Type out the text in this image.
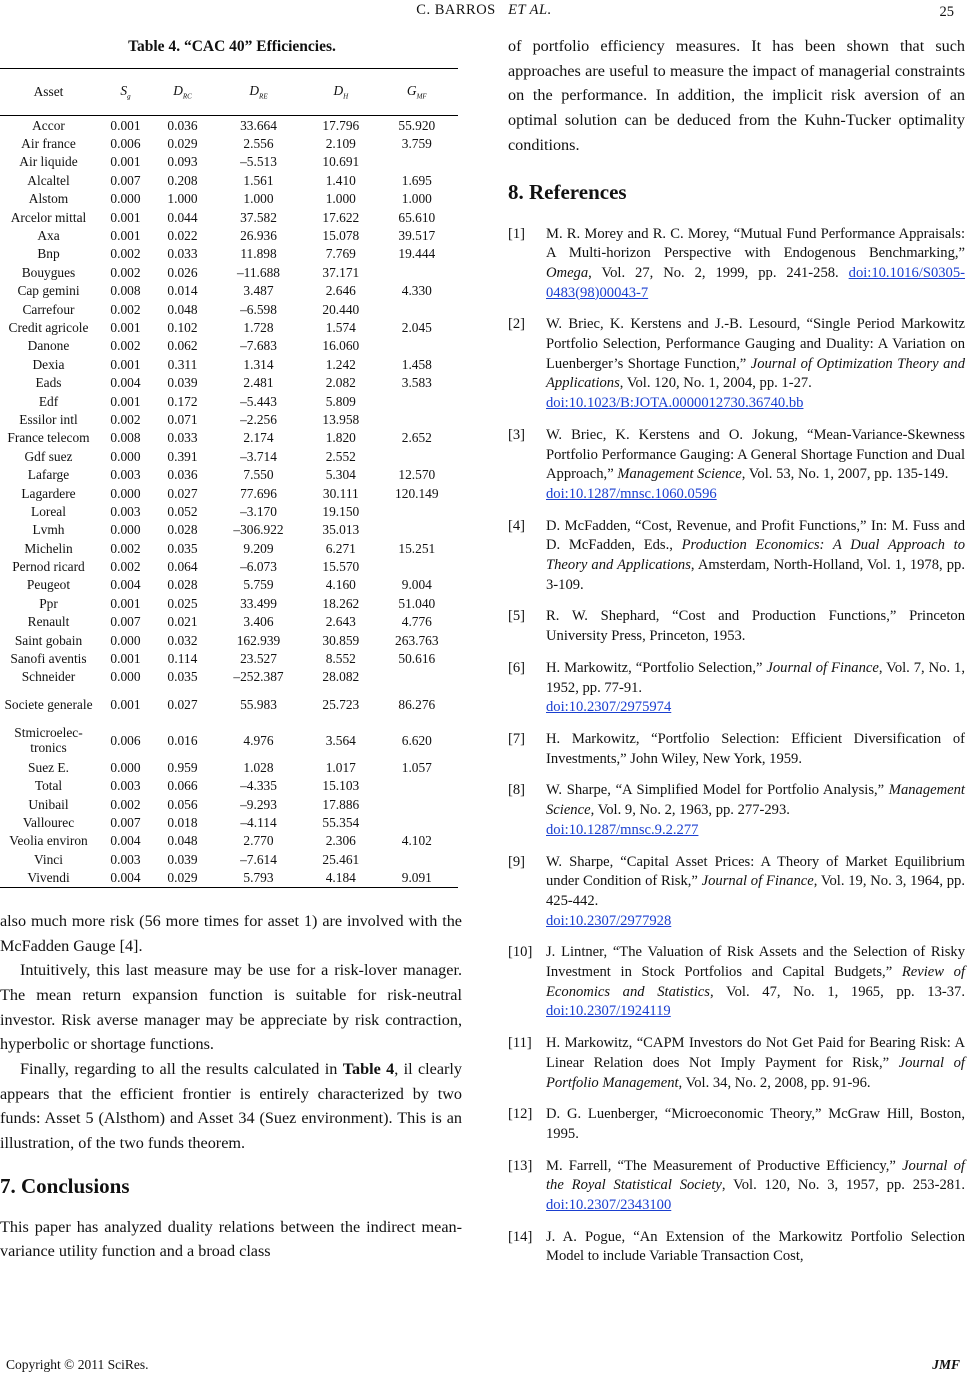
C. BARROS ET AL.	25
Table 4. “CAC 40” Efficiencies.
Asset	$S_g$	$D_{RC}$	$D_{RE}$	$D_H$	$G_{MF}$
Accor	0.001	0.036	33.664	17.796	55.920
Air france	0.006	0.029	2.556	2.109	3.759
Air liquide	0.001	0.093	–5.513	10.691	
Alcaltel	0.007	0.208	1.561	1.410	1.695
Alstom	0.000	1.000	1.000	1.000	1.000
Arcelor mittal	0.001	0.044	37.582	17.622	65.610
Axa	0.001	0.022	26.936	15.078	39.517
Bnp	0.002	0.033	11.898	7.769	19.444
Bouygues	0.002	0.026	–11.688	37.171	
Cap gemini	0.008	0.014	3.487	2.646	4.330
Carrefour	0.002	0.048	–6.598	20.440	
Credit agricole	0.001	0.102	1.728	1.574	2.045
Danone	0.002	0.062	–7.683	16.060	
Dexia	0.001	0.311	1.314	1.242	1.458
Eads	0.004	0.039	2.481	2.082	3.583
Edf	0.001	0.172	–5.443	5.809	
Essilor intl	0.002	0.071	–2.256	13.958	
France telecom	0.008	0.033	2.174	1.820	2.652
Gdf suez	0.000	0.391	–3.714	2.552	
Lafarge	0.003	0.036	7.550	5.304	12.570
Lagardere	0.000	0.027	77.696	30.111	120.149
Loreal	0.003	0.052	–3.170	19.150	
Lvmh	0.000	0.028	–306.922	35.013	
Michelin	0.002	0.035	9.209	6.271	15.251
Pernod ricard	0.002	0.064	–6.073	15.570	
Peugeot	0.004	0.028	5.759	4.160	9.004
Ppr	0.001	0.025	33.499	18.262	51.040
Renault	0.007	0.021	3.406	2.643	4.776
Saint gobain	0.000	0.032	162.939	30.859	263.763
Sanofi aventis	0.001	0.114	23.527	8.552	50.616
Schneider	0.000	0.035	–252.387	28.082	
Societe generale	0.001	0.027	55.983	25.723	86.276
Stmicroelec- tronics	0.006	0.016	4.976	3.564	6.620
Suez E.	0.000	0.959	1.028	1.017	1.057
Total	0.003	0.066	–4.335	15.103	
Unibail	0.002	0.056	–9.293	17.886	
Vallourec	0.007	0.018	–4.114	55.354	
Veolia environ	0.004	0.048	2.770	2.306	4.102
Vinci	0.003	0.039	–7.614	25.461	
Vivendi	0.004	0.029	5.793	4.184	9.091

also much more risk (56 more times for asset 1) are involved with the McFadden Gauge [4].

Intuitively, this last measure may be use for a risk-lover manager. The mean return expansion function is suitable for risk-neutral investor. Risk averse manager may be appreciate by risk contraction, hyperbolic or shortage functions.

Finally, regarding to all the results calculated in Table 4, il clearly appears that the efficient frontier is entirely characterized by two funds: Asset 5 (Alsthom) and Asset 34 (Suez environment). This is an illustration, of the two funds theorem.

7. Conclusions

This paper has analyzed duality relations between the indirect mean-variance utility function and a broad class

of portfolio efficiency measures. It has been shown that such approaches are useful to measure the impact of managerial constraints on the performance. In addition, the implicit risk aversion of an optimal solution can be deduced from the Kuhn-Tucker optimality conditions.

8. References
[1] M. R. Morey and R. C. Morey, “Mutual Fund Performance Appraisals: A Multi-horizon Perspective with Endogenous Benchmarking,” Omega, Vol. 27, No. 2, 1999, pp. 241-258. doi:10.1016/S0305-0483(98)00043-7
[2] W. Briec, K. Kerstens and J.-B. Lesourd, “Single Period Markowitz Portfolio Selection, Performance Gauging and Duality: A Variation on Luenberger’s Shortage Function,” Journal of Optimization Theory and Applications, Vol. 120, No. 1, 2004, pp. 1-27.
doi:10.1023/B:JOTA.0000012730.36740.bb
[3] W. Briec, K. Kerstens and O. Jokung, “Mean-Variance-Skewness Portfolio Performance Gauging: A General Shortage Function and Dual Approach,” Management Science, Vol. 53, No. 1, 2007, pp. 135-149.
doi:10.1287/mnsc.1060.0596
[4] D. McFadden, “Cost, Revenue, and Profit Functions,” In: M. Fuss and D. McFadden, Eds., Production Economics: A Dual Approach to Theory and Applications, Amsterdam, North-Holland, Vol. 1, 1978, pp. 3-109.
[5] R. W. Shephard, “Cost and Production Functions,” Princeton University Press, Princeton, 1953.
[6] H. Markowitz, “Portfolio Selection,” Journal of Finance, Vol. 7, No. 1, 1952, pp. 77-91.
doi:10.2307/2975974
[7] H. Markowitz, “Portfolio Selection: Efficient Diversification of Investments,” John Wiley, New York, 1959.
[8] W. Sharpe, “A Simplified Model for Portfolio Analysis,” Management Science, Vol. 9, No. 2, 1963, pp. 277-293.
doi:10.1287/mnsc.9.2.277
[9] W. Sharpe, “Capital Asset Prices: A Theory of Market Equilibrium under Condition of Risk,” Journal of Finance, Vol. 19, No. 3, 1964, pp. 425-442.
doi:10.2307/2977928
[10] J. Lintner, “The Valuation of Risk Assets and the Selection of Risky Investment in Stock Portfolios and Capital Budgets,” Review of Economics and Statistics, Vol. 47, No. 1, 1965, pp. 13-37. doi:10.2307/1924119
[11] H. Markowitz, “CAPM Investors do Not Get Paid for Bearing Risk: A Linear Relation does Not Imply Payment for Risk,” Journal of Portfolio Management, Vol. 34, No. 2, 2008, pp. 91-96.
[12] D. G. Luenberger, “Microeconomic Theory,” McGraw Hill, Boston, 1995.
[13] M. Farrell, “The Measurement of Productive Efficiency,” Journal of the Royal Statistical Society, Vol. 120, No. 3, 1957, pp. 253-281. doi:10.2307/2343100
[14] J. A. Pogue, “An Extension of the Markowitz Portfolio Selection Model to include Variable Transaction Cost,
Copyright © 2011 SciRes.	JMF
